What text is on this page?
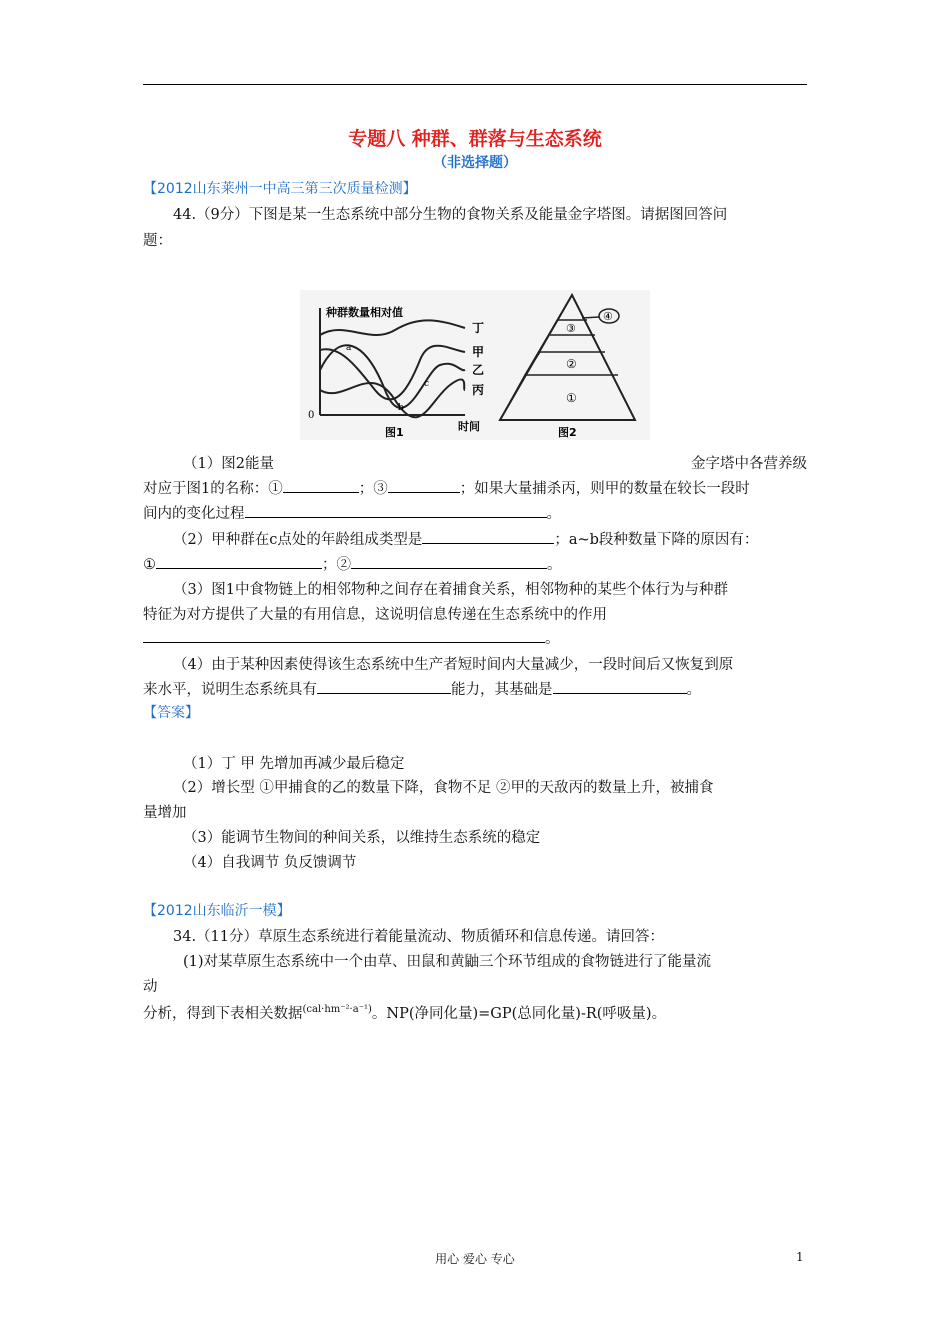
专题八 种群、群落与生态系统
（非选择题）
【2012山东莱州一中高三第三次质量检测】
44.（9分）下图是某一生态系统中部分生物的食物关系及能量金字塔图。请据图回答问
题：
种群数量相对值
0
时间
图1
丁
甲
乙
丙
a
b
c
④
③
②
①
图2
（1）图2能量	金字塔中各营养级
对应于图1的名称：①	；③	；如果大量捕杀丙，则甲的数量在较长一段时
间内的变化过程	。
（2）甲种群在c点处的年龄组成类型是	；a~b段种数量下降的原因有：
①	；②	。
（3）图1中食物链上的相邻物种之间存在着捕食关系，相邻物种的某些个体行为与种群
特征为对方提供了大量的有用信息，这说明信息传递在生态系统中的作用
。
（4）由于某种因素使得该生态系统中生产者短时间内大量减少，一段时间后又恢复到原
来水平，说明生态系统具有	能力，其基础是	。
【答案】
（1）丁 甲 先增加再减少最后稳定
（2）增长型 ①甲捕食的乙的数量下降，食物不足 ②甲的天敌丙的数量上升，被捕食
量增加
（3）能调节生物间的种间关系，以维持生态系统的稳定
（4）自我调节 负反馈调节
【2012山东临沂一模】
34.（11分）草原生态系统进行着能量流动、物质循环和信息传递。请回答：
(1)对某草原生态系统中一个由草、田鼠和黄鼬三个环节组成的食物链进行了能量流
动
分析，得到下表相关数据$^{(cal\cdot hm^{-2}\cdot a^{-1})}$。NP(净同化量)=GP(总同化量)-R(呼吸量)。
用心 爱心 专心	1
